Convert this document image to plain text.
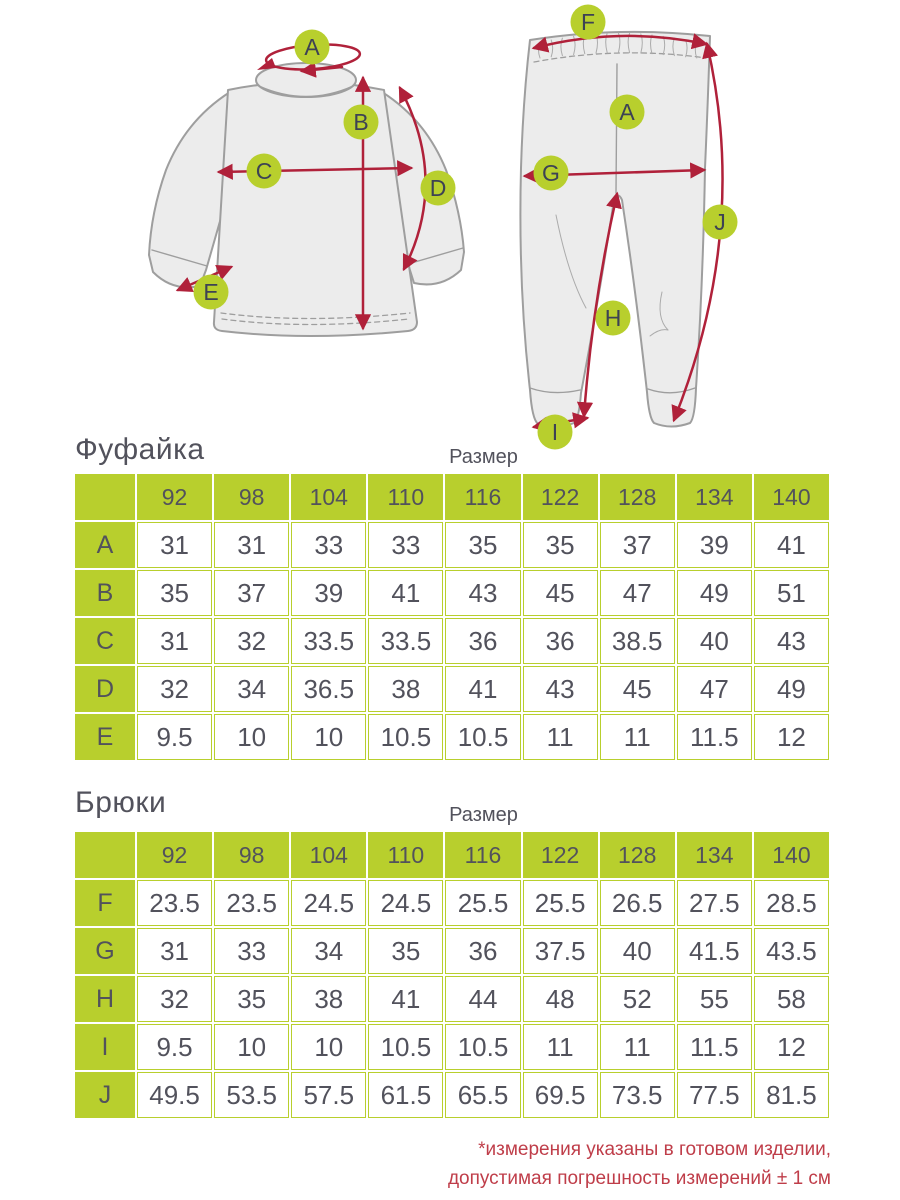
A
B
C
D
E
F
A
G
J
H
I
Фуфайка	Размер
	92	98	104	110	116	122	128	134	140
A	31	31	33	33	35	35	37	39	41
B	35	37	39	41	43	45	47	49	51
C	31	32	33.5	33.5	36	36	38.5	40	43
D	32	34	36.5	38	41	43	45	47	49
E	9.5	10	10	10.5	10.5	11	11	11.5	12
Брюки	Размер
	92	98	104	110	116	122	128	134	140
F	23.5	23.5	24.5	24.5	25.5	25.5	26.5	27.5	28.5
G	31	33	34	35	36	37.5	40	41.5	43.5
H	32	35	38	41	44	48	52	55	58
I	9.5	10	10	10.5	10.5	11	11	11.5	12
J	49.5	53.5	57.5	61.5	65.5	69.5	73.5	77.5	81.5
*измерения указаны в готовом изделии,
допустимая погрешность измерений ± 1 см
